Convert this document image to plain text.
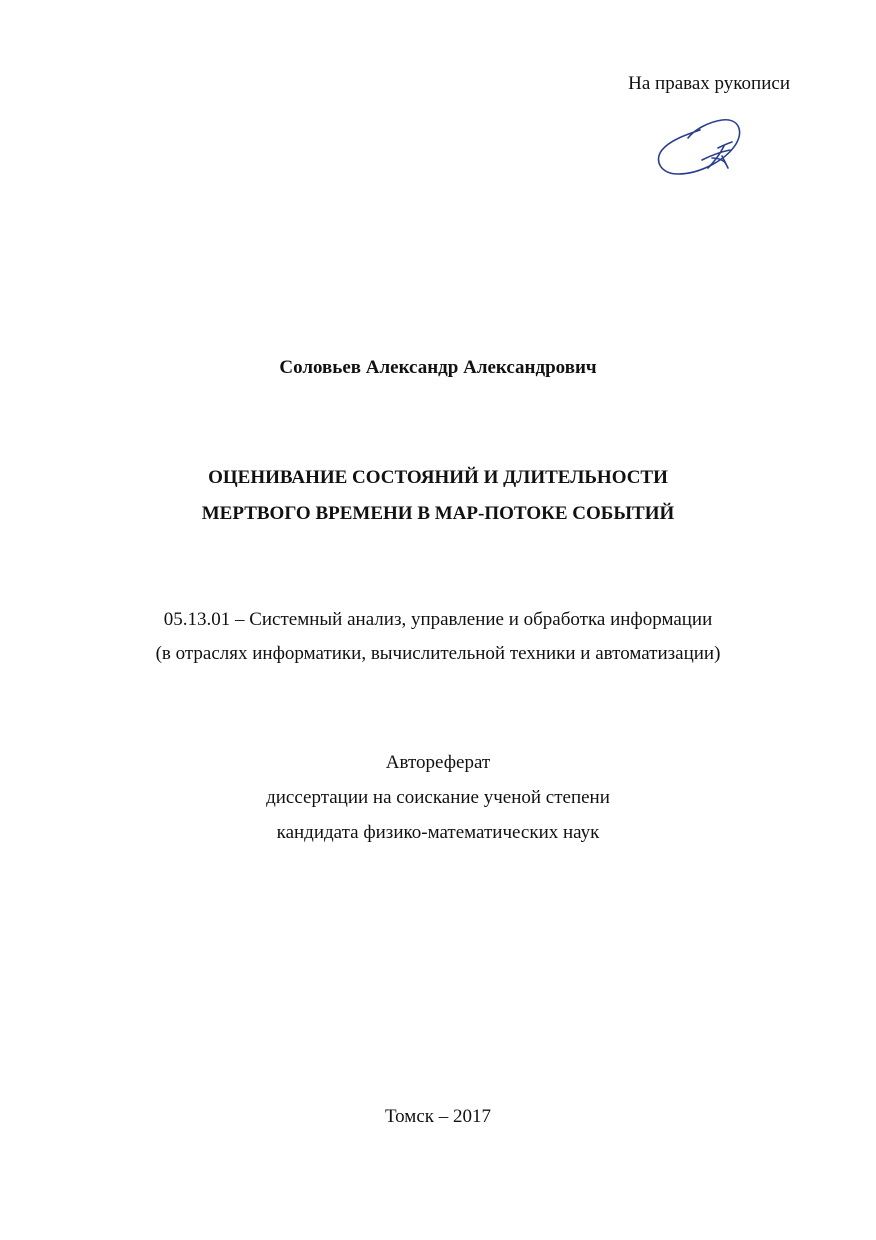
На правах рукописи
Соловьев Александр Александрович
ОЦЕНИВАНИЕ СОСТОЯНИЙ И ДЛИТЕЛЬНОСТИ
МЕРТВОГО ВРЕМЕНИ В МАР-ПОТОКЕ СОБЫТИЙ
05.13.01 – Системный анализ, управление и обработка информации
(в отраслях информатики, вычислительной техники и автоматизации)
Автореферат
диссертации на соискание ученой степени
кандидата физико-математических наук
Томск – 2017
